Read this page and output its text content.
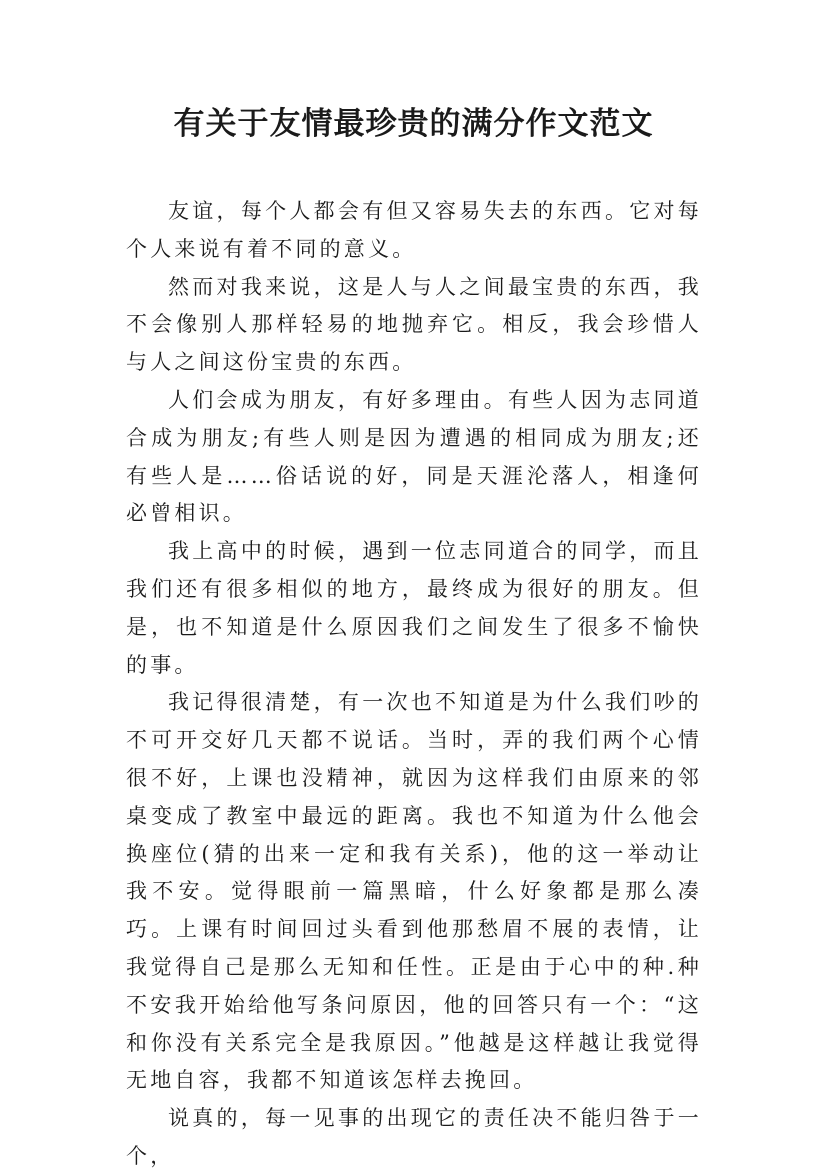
有关于友情最珍贵的满分作文范文

友谊，每个人都会有但又容易失去的东西。它对每个人来说有着不同的意义。

然而对我来说，这是人与人之间最宝贵的东西，我不会像别人那样轻易的地抛弃它。相反，我会珍惜人与人之间这份宝贵的东西。

人们会成为朋友，有好多理由。有些人因为志同道合成为朋友;有些人则是因为遭遇的相同成为朋友;还有些人是……俗话说的好，同是天涯沦落人，相逢何必曾相识。

我上高中的时候，遇到一位志同道合的同学，而且我们还有很多相似的地方，最终成为很好的朋友。但是，也不知道是什么原因我们之间发生了很多不愉快的事。

我记得很清楚，有一次也不知道是为什么我们吵的不可开交好几天都不说话。当时，弄的我们两个心情很不好，上课也没精神，就因为这样我们由原来的邻桌变成了教室中最远的距离。我也不知道为什么他会换座位(猜的出来一定和我有关系)，他的这一举动让我不安。觉得眼前一篇黑暗，什么好象都是那么凑巧。上课有时间回过头看到他那愁眉不展的表情，让我觉得自己是那么无知和任性。正是由于心中的种.种不安我开始给他写条问原因，他的回答只有一个：“这和你没有关系完全是我原因。”他越是这样越让我觉得无地自容，我都不知道该怎样去挽回。

说真的，每一见事的出现它的责任决不能归咎于一个，
